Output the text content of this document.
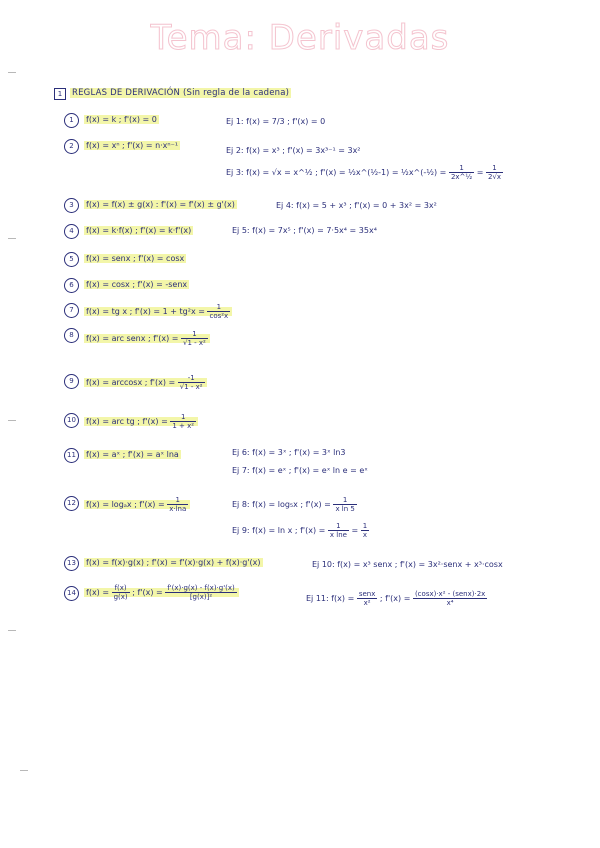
Tema: Derivadas
1	REGLAS DE DERIVACIÓN (Sin regla de la cadena)
1	f(x) = k ; f'(x) = 0	Ej 1: f(x) = 7/3 ; f'(x) = 0
2	f(x) = xⁿ ; f'(x) = n·xⁿ⁻¹
Ej 2: f(x) = x³ ; f'(x) = 3x³⁻¹ = 3x²
Ej 3: f(x) = √x = x^½ ; f'(x) = ½x^(½-1) = ½x^(-½) = $\frac{1}{\text{2x\textasciicircum{}½}} = \frac{1}{2√x}$
3	f(x) = f(x) ± g(x) : f'(x) = f'(x) ± g'(x)	Ej 4: f(x) = 5 + x³ ; f'(x) = 0 + 3x² = 3x²
4	f(x) = k·f(x) ; f'(x) = k·f'(x)	Ej 5: f(x) = 7x⁵ ; f'(x) = 7·5x⁴ = 35x⁴
5	f(x) = senx ; f'(x) = cosx
6	f(x) = cosx ; f'(x) = -senx
7	f(x) = tg x ; $f'(x) = 1 + tg^2x = \frac{1}{\text{cos²x}}$
8	f(x) = arc senx ; $f'(x) = \frac{1}{\text{√1 - x²}}$
9	f(x) = arccosx ; $f'(x) = \frac{-1}{\text{√1 - x²}}$
10	f(x) = arc tg ; $f'(x) = \frac{1}{\text{1 + x²}}$
11	f(x) = aˣ ; f'(x) = aˣ lna	Ej 6: f(x) = 3ˣ ; f'(x) = 3ˣ ln3
Ej 7: f(x) = eˣ ; f'(x) = eˣ ln e = eˣ
12	f(x) = logₐx ; $f'(x) = \frac{1}{x\cdot\ln a}$	Ej 8: f(x) = log₅x ; $f'(x) = \frac{1}{\text{x ln 5}}$
Ej 9: f(x) = ln x ; $f'(x) = \frac{1}{\text{x lne}} = \frac{1}{x}$
13	f(x) = f(x)·g(x) ; f'(x) = f'(x)·g(x) + f(x)·g'(x)	Ej 10: f(x) = x³ senx ; f'(x) = 3x²·senx + x³·cosx
14	$f(x) = \frac{f(x)}{g(x)}$ ; $f'(x) = \frac{f'(x)\cdot g(x) - f(x)\cdot g'(x)}{\text{[g(x)]²}}$	Ej 11: $f(x) = \frac{\text{senx}}{\text{x²}}$ ; $f'(x) = \frac{\text{(cosx)·x² - (senx)·2x}}{\text{x⁴}}$
